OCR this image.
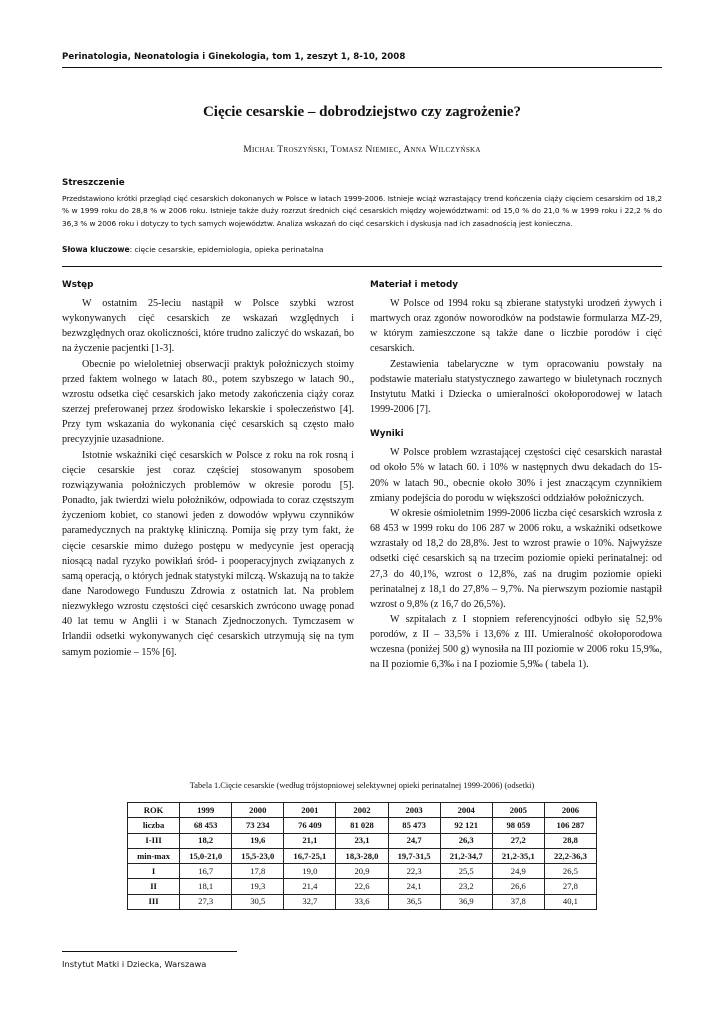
Perinatologia, Neonatologia i Ginekologia, tom 1, zeszyt 1, 8-10, 2008
Cięcie cesarskie – dobrodziejstwo czy zagrożenie?
Michał Troszyński, Tomasz Niemiec, Anna Wilczyńska
Streszczenie
Przedstawiono krótki przegląd cięć cesarskich dokonanych w Polsce w latach 1999-2006. Istnieje wciąż wzrastający trend kończenia ciąży cięciem cesarskim od 18,2 % w 1999 roku do 28,8 % w 2006 roku. Istnieje także duży rozrzut średnich cięć cesarskich między województwami: od 15,0 % do 21,0 % w 1999 roku i 22,2 % do 36,3 % w 2006 roku i dotyczy to tych samych województw. Analiza wskazań do cięć cesarskich i dyskusja nad ich zasadnością jest konieczna.
Słowa kluczowe: cięcie cesarskie, epidemiologia, opieka perinatalna
Wstęp

W ostatnim 25-leciu nastąpił w Polsce szybki wzrost wykonywanych cięć cesarskich ze wskazań względnych i bezwzględnych oraz okoliczności, które trudno zaliczyć do wskazań, bo na życzenie pacjentki [1-3].

Obecnie po wieloletniej obserwacji praktyk położniczych stoimy przed faktem wolnego w latach 80., potem szybszego w latach 90., wzrostu odsetka cięć cesarskich jako metody zakończenia ciąży coraz szerzej preferowanej przez środowisko lekarskie i społeczeństwo [4]. Przy tym wskazania do wykonania cięć cesarskich są często mało precyzyjnie uzasadnione.

Istotnie wskaźniki cięć cesarskich w Polsce z roku na rok rosną i cięcie cesarskie jest coraz częściej stosowanym sposobem rozwiązywania położniczych problemów w okresie porodu [5]. Ponadto, jak twierdzi wielu położników, odpowiada to coraz częstszym życzeniom kobiet, co stanowi jeden z dowodów wpływu czynników paramedycznych na praktykę kliniczną. Pomija się przy tym fakt, że cięcie cesarskie mimo dużego postępu w medycynie jest operacją niosącą nadal ryzyko powikłań śród- i pooperacyjnych związanych z samą operacją, o których jednak statystyki milczą. Wskazują na to także dane Narodowego Funduszu Zdrowia z ostatnich lat. Na problem niezwykłego wzrostu częstości cięć cesarskich zwrócono uwagę ponad 40 lat temu w Anglii i w Stanach Zjednoczonych. Tymczasem w Irlandii odsetki wykonywanych cięć cesarskich utrzymują się na tym samym poziomie – 15% [6].

Materiał i metody

W Polsce od 1994 roku są zbierane statystyki urodzeń żywych i martwych oraz zgonów noworodków na podstawie formularza MZ-29, w którym zamieszczone są także dane o liczbie porodów i cięć cesarskich.

Zestawienia tabelaryczne w tym opracowaniu powstały na podstawie materiału statystycznego zawartego w biuletynach rocznych Instytutu Matki i Dziecka o umieralności okołoporodowej w latach 1999-2006 [7].

Wyniki

W Polsce problem wzrastającej częstości cięć cesarskich narastał od około 5% w latach 60. i 10% w następnych dwu dekadach do 15-20% w latach 90., obecnie około 30% i jest znaczącym czynnikiem zmiany podejścia do porodu w większości oddziałów położniczych.

W okresie ośmioletnim 1999-2006 liczba cięć cesarskich wzrosła z 68 453 w 1999 roku do 106 287 w 2006 roku, a wskaźniki odsetkowe wzrastały od 18,2 do 28,8%. Jest to wzrost prawie o 10%. Najwyższe odsetki cięć cesarskich są na trzecim poziomie opieki perinatalnej: od 27,3 do 40,1%, wzrost o 12,8%, zaś na drugim poziomie opieki perinatalnej z 18,1 do 27,8% – 9,7%. Na pierwszym poziomie nastąpił wzrost o 9,8% (z 16,7 do 26,5%).

W szpitalach z I stopniem referencyjności odbyło się 52,9% porodów, z II – 33,5% i 13,6% z III. Umieralność okołoporodowa wczesna (poniżej 500 g) wynosiła na III poziomie w 2006 roku 15,9‰, na II poziomie 6,3‰ i na I poziomie 5,9‰ ( tabela 1).

Tabela 1.Cięcie cesarskie (według trójstopniowej selektywnej opieki perinatalnej 1999-2006) (odsetki)
ROK	1999	2000	2001	2002	2003	2004	2005	2006
liczba	68 453	73 234	76 409	81 028	85 473	92 121	98 059	106 287
I-III	18,2	19,6	21,1	23,1	24,7	26,3	27,2	28,8
min-max	15,0-21,0	15,5-23,0	16,7-25,1	18,3-28,0	19,7-31,5	21,2-34,7	21,2-35,1	22,2-36,3
I	16,7	17,8	19,0	20,9	22,3	25,5	24,9	26,5
II	18,1	19,3	21,4	22,6	24,1	23,2	26,6	27,8
III	27,3	30,5	32,7	33,6	36,5	36,9	37,8	40,1
Instytut Matki i Dziecka, Warszawa
